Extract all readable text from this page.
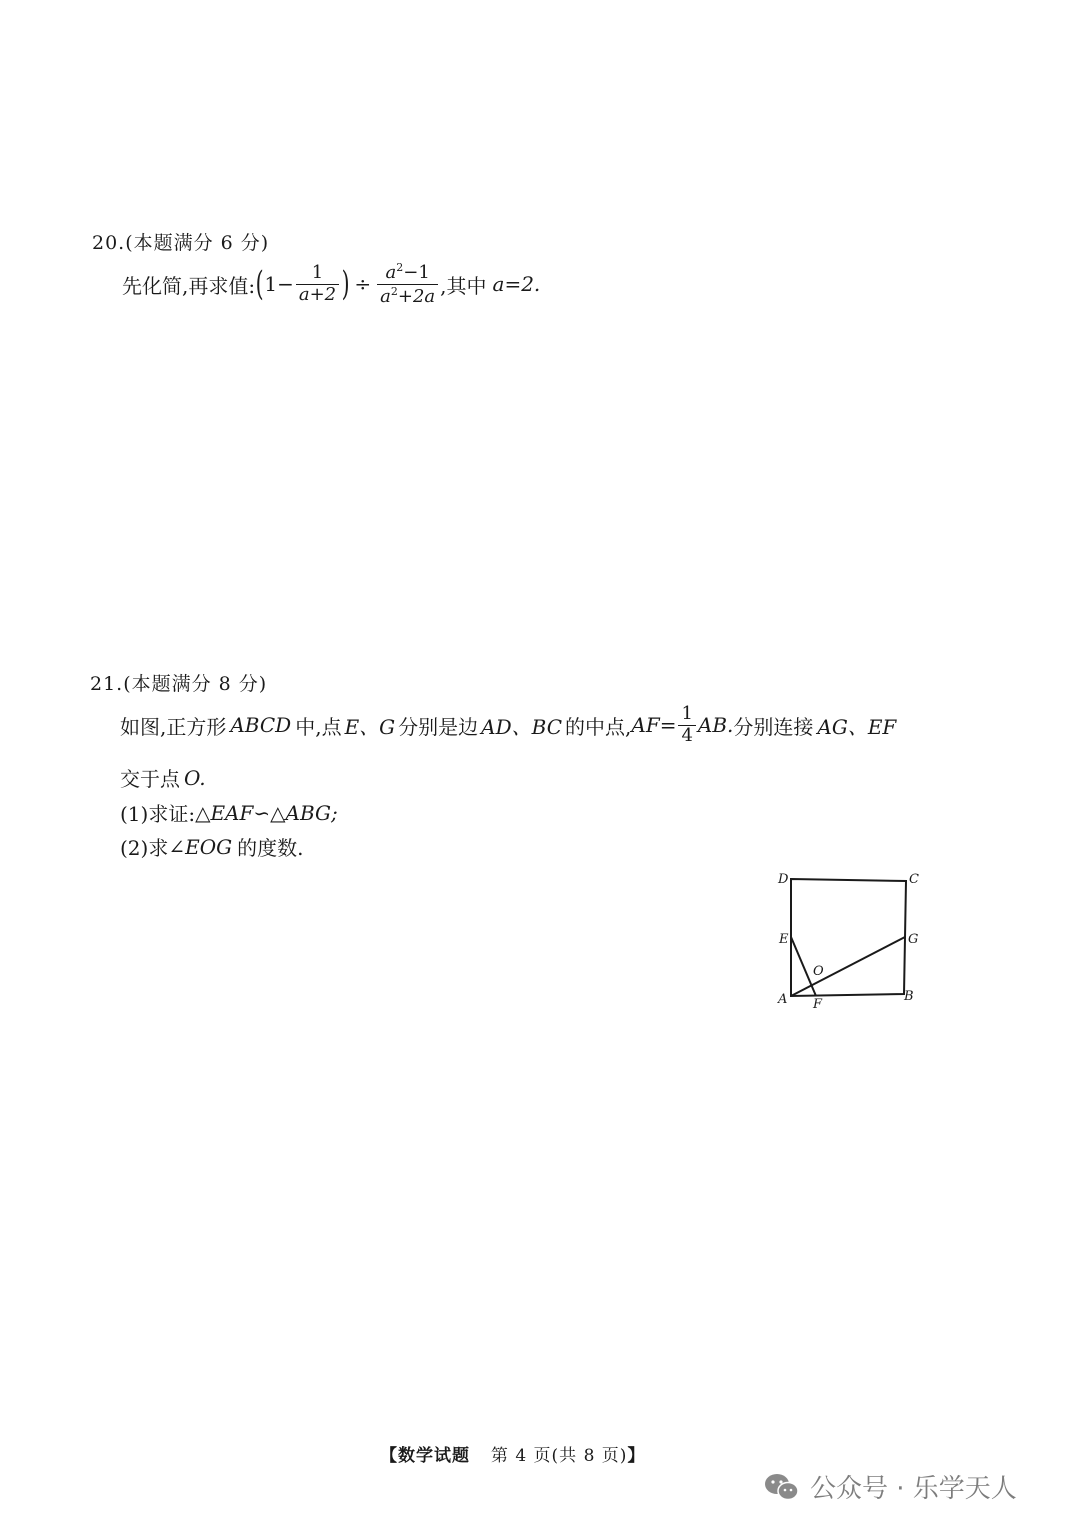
20.(本题满分 6 分)
先化简,再求值: ( $1- \frac{1}{a+2}$ ) ÷ $\frac{a^2-1}{a^2+2a}$ ,其中 a=2.
21.(本题满分 8 分)
如图,正方形 ABCD 中,点 E、G 分别是边 AD、BC 的中点, $AF= \frac{1}{4}$ AB. 分别连接 AG、EF
交于点 O.
(1)求证: △EAF∽△ABG;
(2)求 ∠EOG 的度数.
D	C
E	G
O
A F
B
【数学试题 第 4 页(共 8 页)】
公众号 · 乐学天人
